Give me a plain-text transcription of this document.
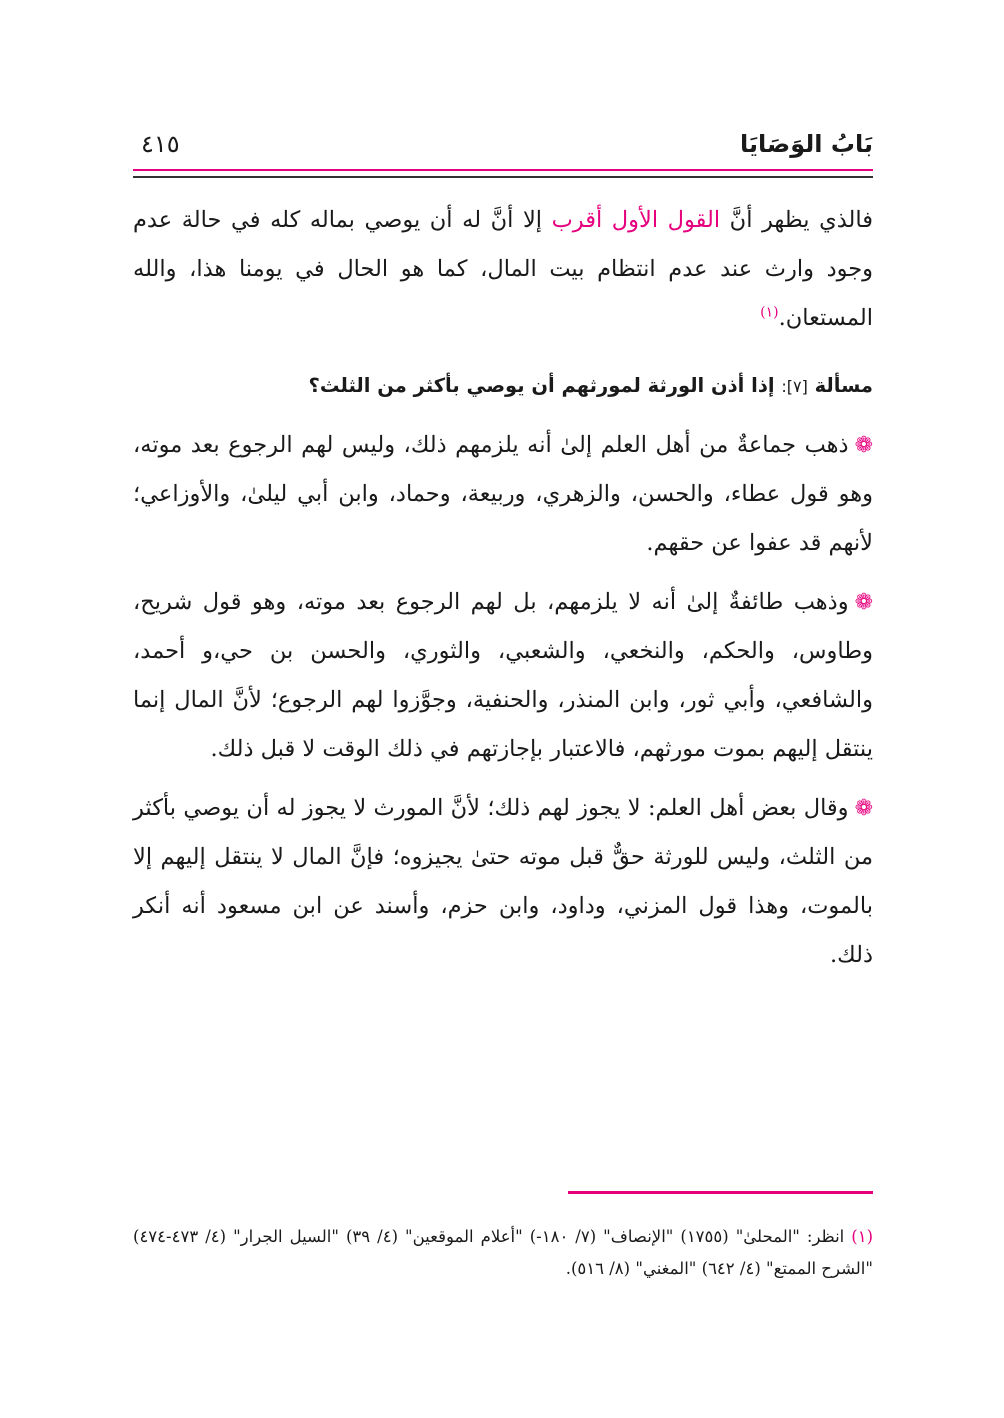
بَابُ الوَصَايَا
٤١٥

فالذي يظهر أنَّ القول الأول أقرب إلا أنَّ له أن يوصي بماله كله في حالة عدم وجود وارث عند عدم انتظام بيت المال، كما هو الحال في يومنا هذا، والله المستعان.$^{(١)}$

مسألة [٧]: إذا أذن الورثة لمورثهم أن يوصي بأكثر من الثلث؟

❁ذهب جماعةٌ من أهل العلم إلىٰ أنه يلزمهم ذلك، وليس لهم الرجوع بعد موته، وهو قول عطاء، والحسن، والزهري، وربيعة، وحماد، وابن أبي ليلىٰ، والأوزاعي؛ لأنهم قد عفوا عن حقهم.

❁وذهب طائفةٌ إلىٰ أنه لا يلزمهم، بل لهم الرجوع بعد موته، وهو قول شريح، وطاوس، والحكم، والنخعي، والشعبي، والثوري، والحسن بن حي،و أحمد، والشافعي، وأبي ثور، وابن المنذر، والحنفية، وجوَّزوا لهم الرجوع؛ لأنَّ المال إنما ينتقل إليهم بموت مورثهم، فالاعتبار بإجازتهم في ذلك الوقت لا قبل ذلك.

❁وقال بعض أهل العلم: لا يجوز لهم ذلك؛ لأنَّ المورث لا يجوز له أن يوصي بأكثر من الثلث، وليس للورثة حقٌّ قبل موته حتىٰ يجيزوه؛ فإنَّ المال لا ينتقل إليهم إلا بالموت، وهذا قول المزني، وداود، وابن حزم، وأسند عن ابن مسعود أنه أنكر ذلك.

(١) انظر: "المحلىٰ" (١٧٥٥) "الإنصاف" (٧/ ١٨٠-) "أعلام الموقعين" (٤/ ٣٩) "السيل الجرار" (٤/ ٤٧٣-٤٧٤) "الشرح الممتع" (٤/ ٦٤٢) "المغني" (٨/ ٥١٦).
